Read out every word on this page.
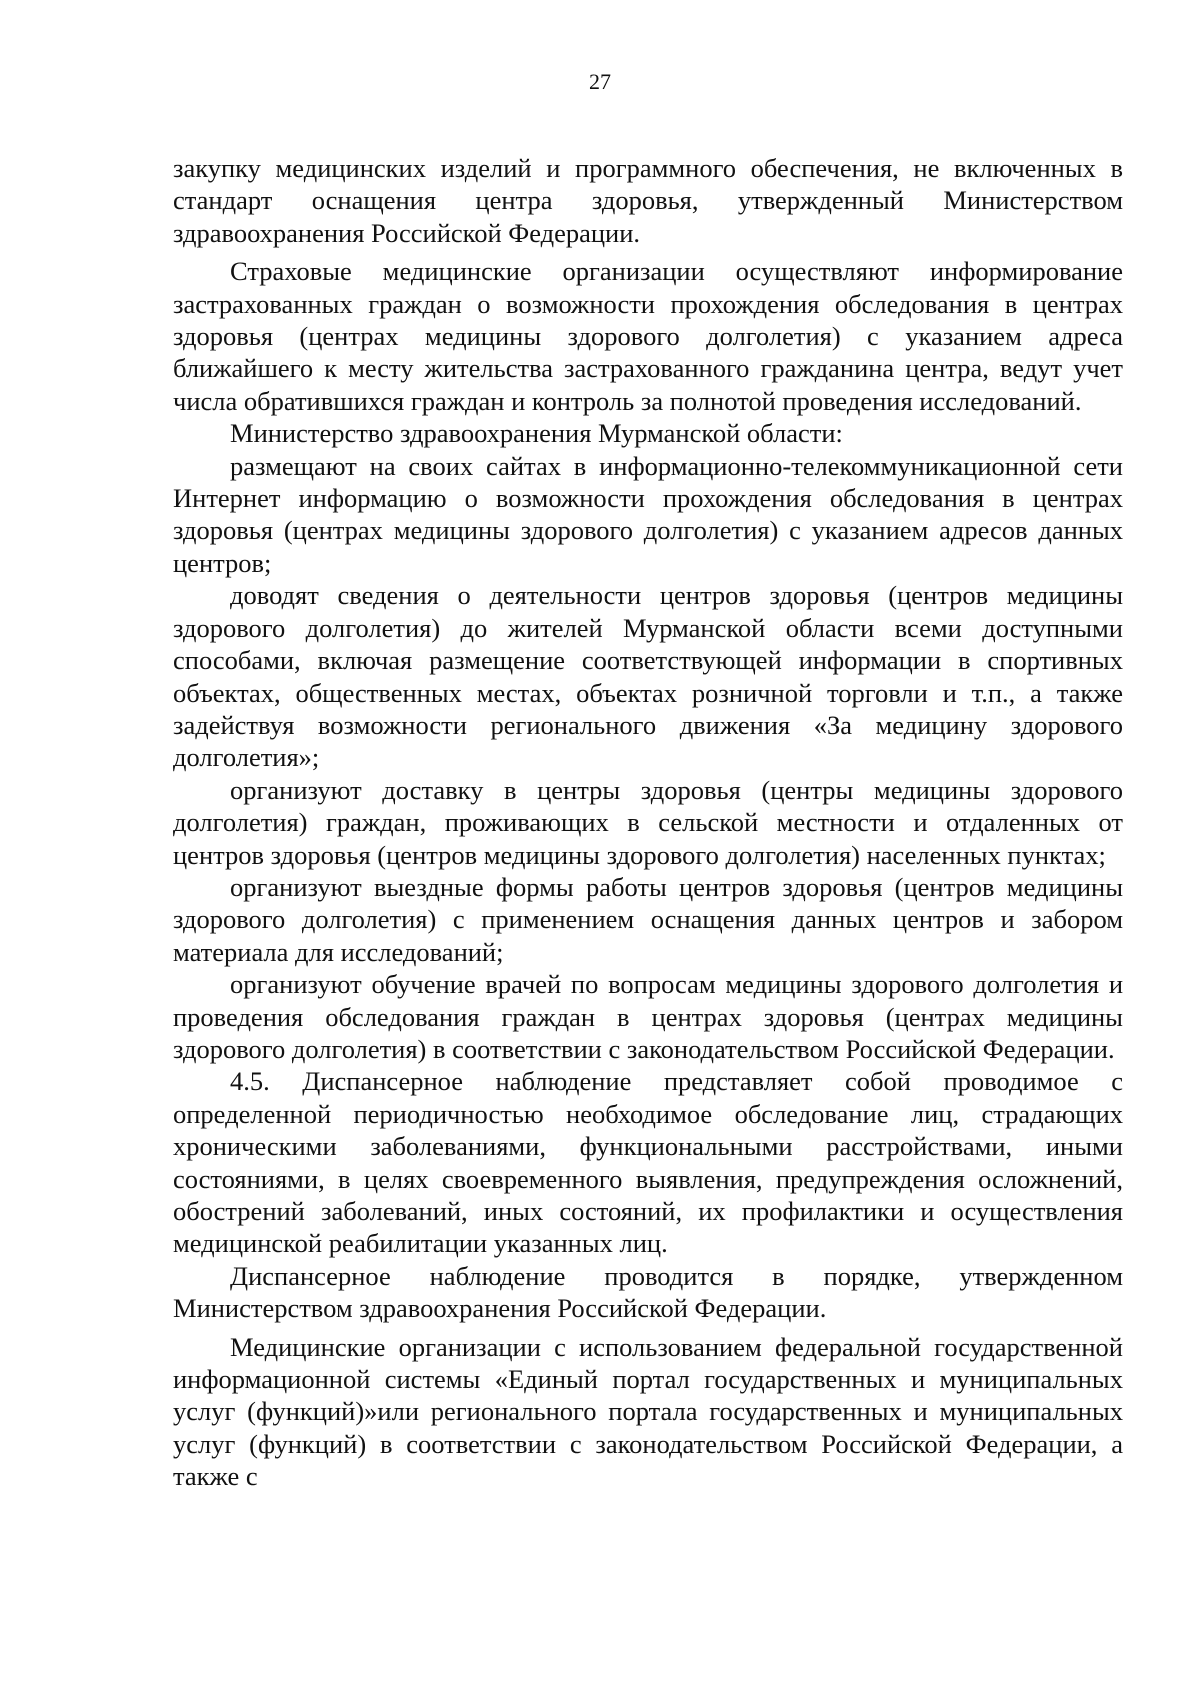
27

закупку медицинских изделий и программного обеспечения, не включенных в стандарт оснащения центра здоровья, утвержденный Министерством здравоохранения Российской Федерации.

Страховые медицинские организации осуществляют информирование застрахованных граждан о возможности прохождения обследования в центрах здоровья (центрах медицины здорового долголетия) с указанием адреса ближайшего к месту жительства застрахованного гражданина центра, ведут учет числа обратившихся граждан и контроль за полнотой проведения исследований.

Министерство здравоохранения Мурманской области:

размещают на своих сайтах в информационно-телекоммуникационной сети Интернет информацию о возможности прохождения обследования в центрах здоровья (центрах медицины здорового долголетия) с указанием адресов данных центров;

доводят сведения о деятельности центров здоровья (центров медицины здорового долголетия) до жителей Мурманской области всеми доступными способами, включая размещение соответствующей информации в спортивных объектах, общественных местах, объектах розничной торговли и т.п., а также задействуя возможности регионального движения «За медицину здорового долголетия»;

организуют доставку в центры здоровья (центры медицины здорового долголетия) граждан, проживающих в сельской местности и отдаленных от центров здоровья (центров медицины здорового долголетия) населенных пунктах;

организуют выездные формы работы центров здоровья (центров медицины здорового долголетия) с применением оснащения данных центров и забором материала для исследований;

организуют обучение врачей по вопросам медицины здорового долголетия и проведения обследования граждан в центрах здоровья (центрах медицины здорового долголетия) в соответствии с законодательством Российской Федерации.

4.5. Диспансерное наблюдение представляет собой проводимое с определенной периодичностью необходимое обследование лиц, страдающих хроническими заболеваниями, функциональными расстройствами, иными состояниями, в целях своевременного выявления, предупреждения осложнений, обострений заболеваний, иных состояний, их профилактики и осуществления медицинской реабилитации указанных лиц.

Диспансерное наблюдение проводится в порядке, утвержденном Министерством здравоохранения Российской Федерации.

Медицинские организации с использованием федеральной государственной информационной системы «Единый портал государственных и муниципальных услуг (функций)»или регионального портала государственных и муниципальных услуг (функций) в соответствии с законодательством Российской Федерации, а также с
